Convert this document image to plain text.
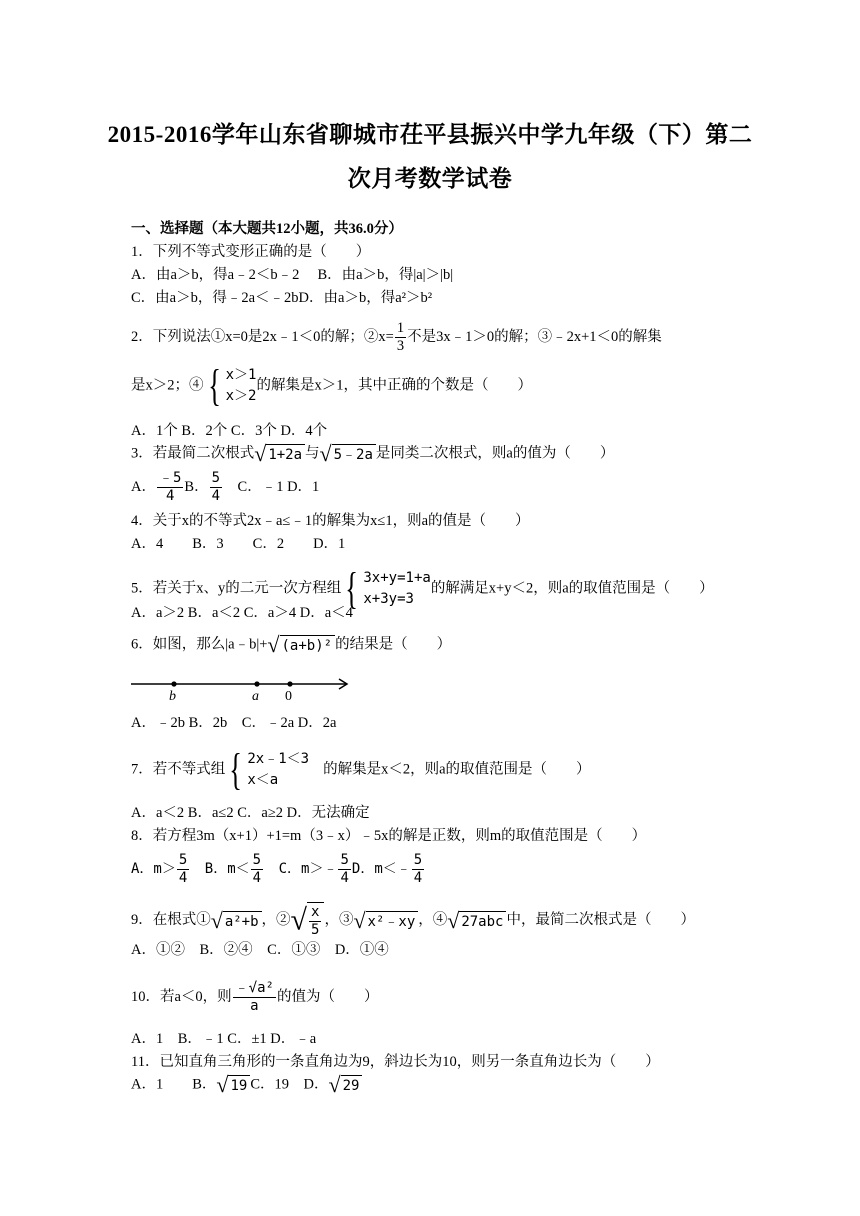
2015-2016学年山东省聊城市茌平县振兴中学九年级（下）第二
次月考数学试卷
一、选择题（本大题共12小题，共36.0分）
1．下列不等式变形正确的是（　　）
A．由a＞b，得a﹣2＜b﹣2　 B．由a＞b，得|a|＞|b|
C．由a＞b，得﹣2a＜﹣2bD．由a＞b，得a²＞b²
2．下列说法①x=0是2x﹣1＜0的解；②x= $\frac{1}{3}$ 不是3x﹣1＞0的解；③﹣2x+1＜0的解集
是x＞2；④ { x＞1
x＞2
的解集是x＞1，其中正确的个数是（　　）
A．1个 B．2个 C．3个 D．4个
3．若最简二次根式√ 1+2a 与√ 5﹣2a 是同类二次根式，则a的值为（　　）
A． $\frac{﹣5}{4}$ B． $\frac{5}{4}$
　 C．﹣1 D．1
4．关于x的不等式2x﹣a≤﹣1的解集为x≤1，则a的值是（　　）
A．4　　B．3　　C．2　　D．1
5．若关于x、y的二元一次方程组 { 3x+y=1+a
x+3y=3
的解满足x+y＜2，则a的取值范围是（　　）
A．a＞2 B．a＜2 C．a＞4 D．a＜4
6．如图，那么|a﹣b|+√ (a+b)² 的结果是（　　）
b	a 0
A．﹣2b B．2b　C．﹣2a D．2a
7．若不等式组 { 2x﹣1＜3
x＜a
的解集是x＜2，则a的取值范围是（　　）
A．a＜2 B．a≤2 C．a≥2 D．无法确定
8．若方程3m（x+1）+1=m（3﹣x）﹣5x的解是正数，则m的取值范围是（　　）
A．$m> \frac{5}{4}$
　 B．$m< \frac{5}{4}$
　 C．m＞﹣ $\frac{5}{4}$ D．m＜﹣ $\frac{5}{4}$
9．在根式①√ a²+b ，②√ $\frac{x}{5}$ ，③√ x²﹣xy ，④√ 27abc 中，最简二次根式是（　　）
A．①②　B．②④　C．①③　D．①④
10．若a＜0，则 $\frac{\text{﹣√a²}}{a}$ 的值为（　　）
A．1　B．﹣1 C．±1 D．﹣a
11．已知直角三角形的一条直角边为9，斜边长为10，则另一条直角边长为（　　）
A．1　　B．√ 19 C．19　D．√ 29
